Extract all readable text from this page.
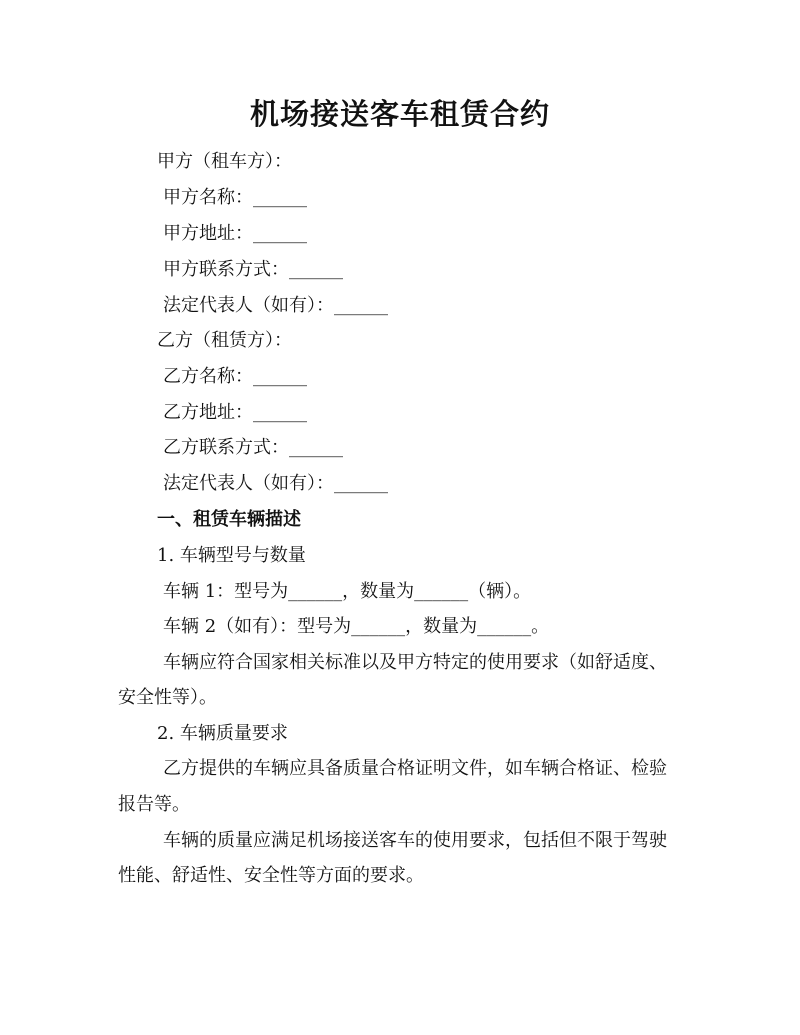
机场接送客车租赁合约
甲方（租车方）：
甲方名称：______
甲方地址：______
甲方联系方式：______
法定代表人（如有）：______
乙方（租赁方）：
乙方名称：______
乙方地址：______
乙方联系方式：______
法定代表人（如有）：______
一、租赁车辆描述
1. 车辆型号与数量
车辆 1：型号为______，数量为______（辆）。
车辆 2（如有）：型号为______，数量为______。
车辆应符合国家相关标准以及甲方特定的使用要求（如舒适度、
安全性等）。
2. 车辆质量要求
乙方提供的车辆应具备质量合格证明文件，如车辆合格证、检验
报告等。
车辆的质量应满足机场接送客车的使用要求，包括但不限于驾驶
性能、舒适性、安全性等方面的要求。
